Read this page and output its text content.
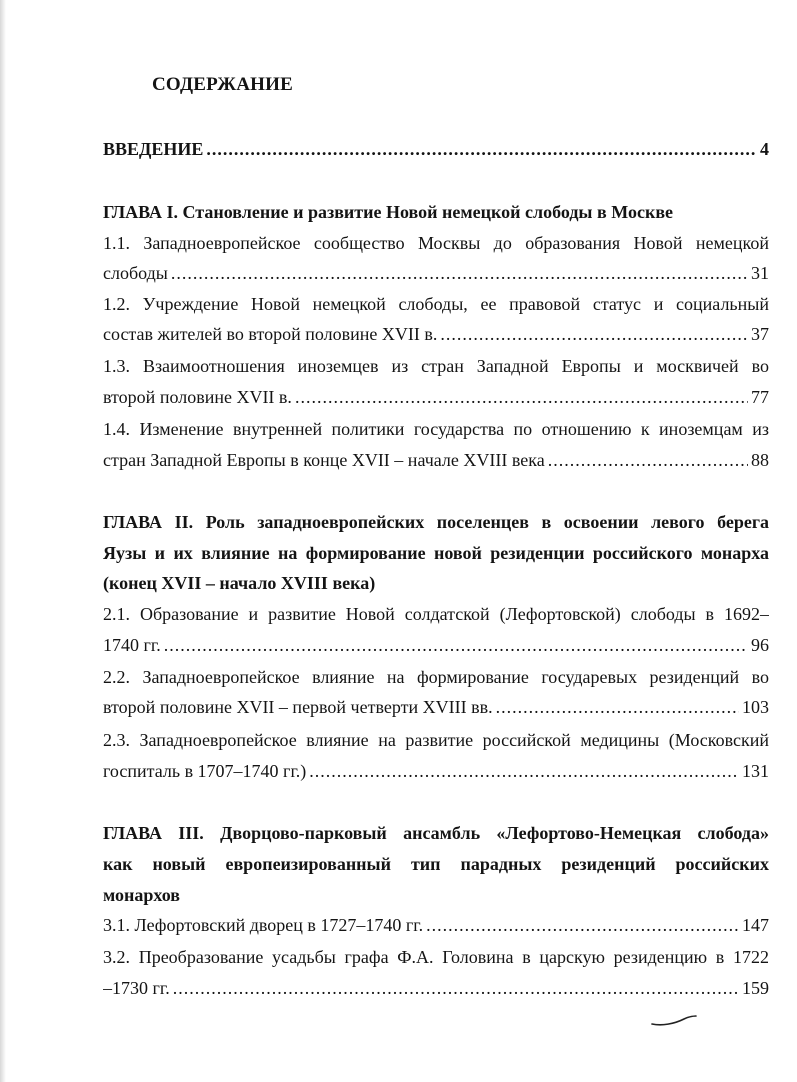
СОДЕРЖАНИЕ
ВВЕДЕНИЕ .....	4
ГЛАВА I. Становление и развитие Новой немецкой слободы в Москве
1.1. Западноевропейское сообщество Москвы до образования Новой немецкой
слободы .....	31
1.2. Учреждение Новой немецкой слободы, ее правовой статус и социальный
состав жителей во второй половине XVII в. .....	37
1.3. Взаимоотношения иноземцев из стран Западной Европы и москвичей во
второй половине XVII в. .....	77
1.4. Изменение внутренней политики государства по отношению к иноземцам из
стран Западной Европы в конце XVII – начале XVIII века .....	88
ГЛАВА II. Роль западноевропейских поселенцев в освоении левого берега
Яузы и их влияние на формирование новой резиденции российского монарха
(конец XVII – начало XVIII века)
2.1. Образование и развитие Новой солдатской (Лефортовской) слободы в 1692–
1740 гг. .....	96
2.2. Западноевропейское влияние на формирование государевых резиденций во
второй половине XVII – первой четверти XVIII вв. .....	103
2.3. Западноевропейское влияние на развитие российской медицины (Московский
госпиталь в 1707–1740 гг.) .....	131
ГЛАВА III. Дворцово-парковый ансамбль «Лефортово-Немецкая слобода»
как новый европеизированный тип парадных резиденций российских
монархов
3.1. Лефортовский дворец в 1727–1740 гг. .....	147
3.2. Преобразование усадьбы графа Ф.А. Головина в царскую резиденцию в 1722
–1730 гг. .....	159
